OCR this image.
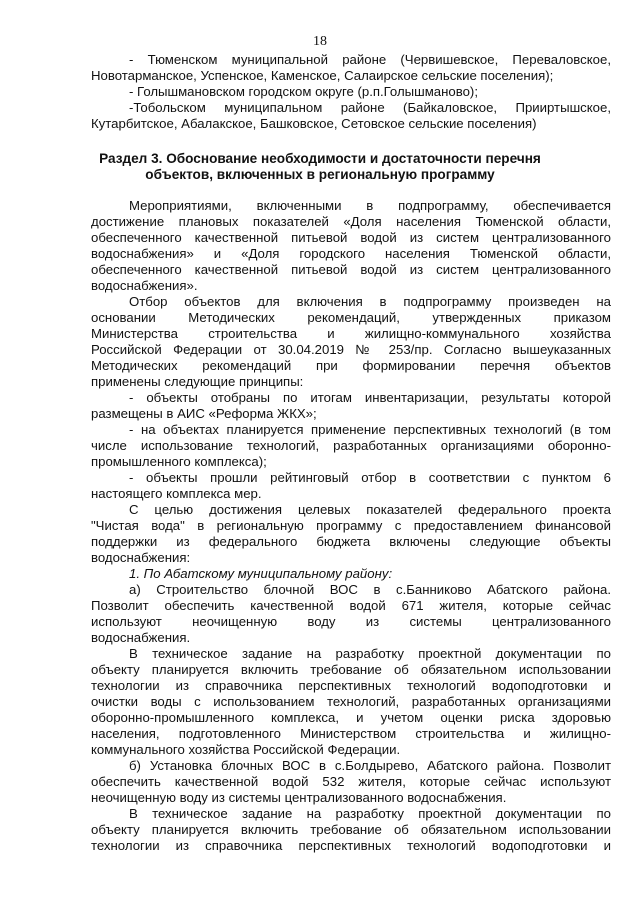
18
- Тюменском муниципальной районе (Червишевское, Переваловское,
Новотарманское, Успенское, Каменское, Салаирское сельские поселения);
- Голышмановском городском округе (р.п.Голышманово);
-Тобольском муниципальном районе (Байкаловское, Прииртышское,
Кутарбитское, Абалакское, Башковское, Сетовское сельские поселения)
Раздел 3. Обоснование необходимости и достаточности перечня
объектов, включенных в региональную программу
Мероприятиями, включенными в подпрограмму, обеспечивается
достижение плановых показателей «Доля населения Тюменской области,
обеспеченного качественной питьевой водой из систем централизованного
водоснабжения» и «Доля городского населения Тюменской области,
обеспеченного качественной питьевой водой из систем централизованного
водоснабжения».
Отбор объектов для включения в подпрограмму произведен на
основании Методических рекомендаций, утвержденных приказом
Министерства строительства и жилищно-коммунального хозяйства
Российской Федерации от 30.04.2019 № 253/пр. Согласно вышеуказанных
Методических рекомендаций при формировании перечня объектов
применены следующие принципы:
- объекты отобраны по итогам инвентаризации, результаты которой
размещены в АИС «Реформа ЖКХ»;
- на объектах планируется применение перспективных технологий (в том
числе использование технологий, разработанных организациями оборонно-
промышленного комплекса);
- объекты прошли рейтинговый отбор в соответствии с пунктом 6
настоящего комплекса мер.
С целью достижения целевых показателей федерального проекта
"Чистая вода" в региональную программу с предоставлением финансовой
поддержки из федерального бюджета включены следующие объекты
водоснабжения:
1. По Абатскому муниципальному району:
а) Строительство блочной ВОС в с.Банниково Абатского района.
Позволит обеспечить качественной водой 671 жителя, которые сейчас
используют неочищенную воду из системы централизованного
водоснабжения.
В техническое задание на разработку проектной документации по
объекту планируется включить требование об обязательном использовании
технологии из справочника перспективных технологий водоподготовки и
очистки воды с использованием технологий, разработанных организациями
оборонно-промышленного комплекса, и учетом оценки риска здоровью
населения, подготовленного Министерством строительства и жилищно-
коммунального хозяйства Российской Федерации.
б) Установка блочных ВОС в с.Болдырево, Абатского района. Позволит
обеспечить качественной водой 532 жителя, которые сейчас используют
неочищенную воду из системы централизованного водоснабжения.
В техническое задание на разработку проектной документации по
объекту планируется включить требование об обязательном использовании
технологии из справочника перспективных технологий водоподготовки и
